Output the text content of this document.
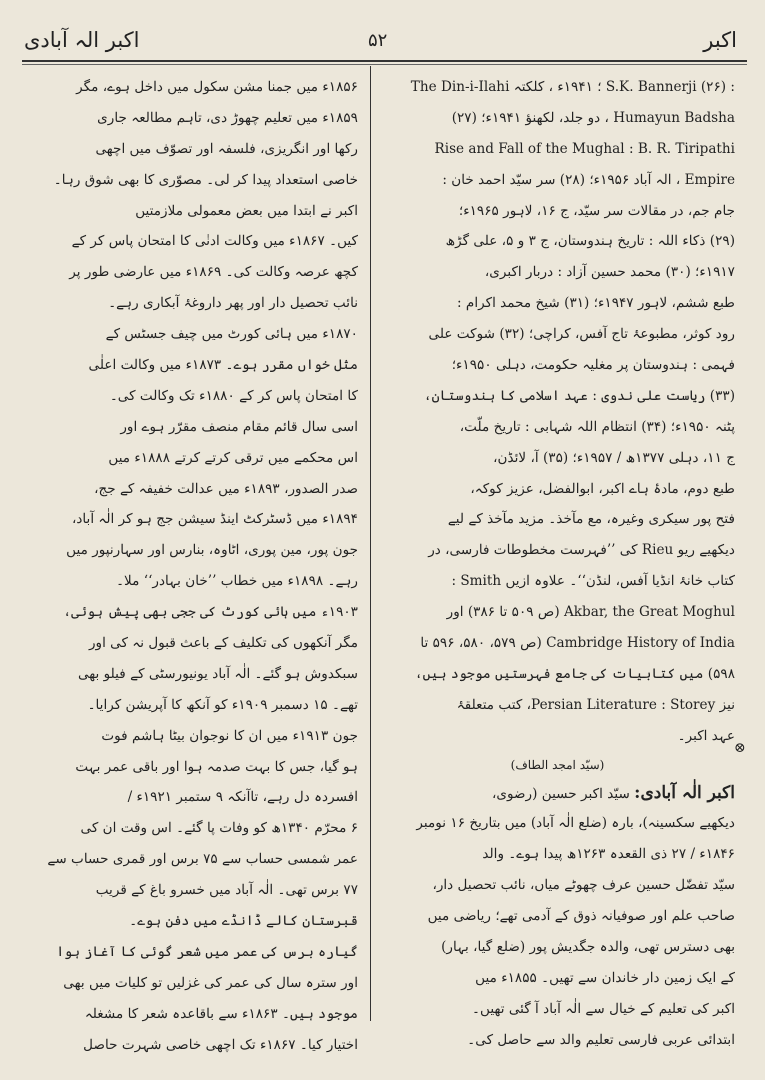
اکبر
۵۲
اکبر الہ آبادی
: S.K. Bannerji (۲۶) ؛ ۱۹۴۱ء ، کلکتہ The Din-i-Ilahi
Humayun Badsha ، دو جلد، لکھنؤ ۱۹۴۱ء؛ (۲۷)
Rise and Fall of the Mughal : B. R. Tiripathi
Empire ، الہ آباد ۱۹۵۶ء؛ (۲۸) سر سیّد احمد خان :
جام جم، در مقالات سر سیّد، ج ۱۶، لاہور ۱۹۶۵ء؛
(۲۹) ذکاء اللہ : تاریخ ہندوستان، ج ۳ و ۵، علی گڑھ
۱۹۱۷ء؛ (۳۰) محمد حسین آزاد : دربار اکبری،
طبع ششم، لاہور ۱۹۴۷ء؛ (۳۱) شیخ محمد اکرام :
رود کوثر، مطبوعۂ تاج آفس، کراچی؛ (۳۲) شوکت علی
فہمی : ہندوستان پر مغلیہ حکومت، دہلی ۱۹۵۰ء؛
(۳۳) ریاست علی ندوی : عہد اسلامی کا ہندوستان،
پٹنہ ۱۹۵۰ء؛ (۳۴) انتظام اللہ شہابی : تاریخ ملّت،
ج ۱۱، دہلی ۱۳۷۷ھ / ۱۹۵۷ء؛ (۳۵) آ، لائڈن،
طبع دوم، مادۂ ہاے اکبر، ابوالفضل، عزیز کوکہ،
فتح پور سیکری وغیرہ، مع مآخذ۔ مزید مآخذ کے لیے
دیکھیے ریو Rieu کی ’’فہرست مخطوطات فارسی، در
کتاب خانۂ انڈیا آفس، لنڈن‘‘۔ علاوہ ازیں Smith :
Akbar, the Great Moghul (ص ۵۰۹ تا ۳۸۶) اور
Cambridge History of India (ص ۵۷۹، ۵۸۰، ۵۹۶ تا
۵۹۸) میں کتابیات کی جامع فہرستیں موجود ہیں،
نیز Persian Literature : Storey، کتب متعلقۂ
عہد اکبر۔
(سیّد امجد الطاف)
اکبر الٰہ آبادی: سیّد اکبر حسین (رضوی،
دیکھیے سکسینہ)، بارہ (ضلع الٰہ آباد) میں بتاریخ ۱۶ نومبر
۱۸۴۶ء / ۲۷ ذی القعدہ ۱۲۶۳ھ پیدا ہوے۔ والد
سیّد تفضّل حسین عرف چھوٹے میاں، نائب تحصیل دار،
صاحب علم اور صوفیانہ ذوق کے آدمی تھے؛ ریاضی میں
بھی دسترس تھی، والدہ جگدیش پور (ضلع گیا، بہار)
کے ایک زمین دار خاندان سے تھیں۔ ۱۸۵۵ء میں
اکبر کی تعلیم کے خیال سے الٰہ آباد آ گئی تھیں۔
ابتدائی عربی فارسی تعلیم والد سے حاصل کی۔
۱۸۵۶ء میں جمنا مشن سکول میں داخل ہوے، مگر
۱۸۵۹ء میں تعلیم چھوڑ دی، تاہم مطالعہ جاری
رکھا اور انگریزی، فلسفہ اور تصوّف میں اچھی
خاصی استعداد پیدا کر لی۔ مصوّری کا بھی شوق رہا۔
اکبر نے ابتدا میں بعض معمولی ملازمتیں
کیں۔ ۱۸۶۷ء میں وکالت ادنٰی کا امتحان پاس کر کے
کچھ عرصہ وکالت کی۔ ۱۸۶۹ء میں عارضی طور پر
نائب تحصیل دار اور پھر داروغۂ آبکاری رہے۔
۱۸۷۰ء میں ہائی کورٹ میں چیف جسٹس کے
مثل خواں مقرر ہوے۔ ۱۸۷۳ء میں وکالت اعلٰی
کا امتحان پاس کر کے ۱۸۸۰ء تک وکالت کی۔
اسی سال قائم مقام منصف مقرّر ہوے اور
اس محکمے میں ترقی کرتے کرتے ۱۸۸۸ء میں
صدر الصدور، ۱۸۹۳ء میں عدالت خفیفہ کے جج،
۱۸۹۴ء میں ڈسٹرکٹ اینڈ سیشن جج ہو کر الٰہ آباد،
جون پور، مین پوری، اٹاوہ، بنارس اور سہارنپور میں
رہے۔ ۱۸۹۸ء میں خطاب ’’خان بہادر‘‘ ملا۔
۱۹۰۳ء میں ہائی کورٹ کی ججی بھی پیش ہوئی،
مگر آنکھوں کی تکلیف کے باعث قبول نہ کی اور
سبکدوش ہو گئے۔ الٰہ آباد یونیورسٹی کے فیلو بھی
تھے۔ ۱۵ دسمبر ۱۹۰۹ء کو آنکھ کا آپریشن کرایا۔
جون ۱۹۱۳ء میں ان کا نوجوان بیٹا ہاشم فوت
ہو گیا، جس کا بہت صدمہ ہوا اور باقی عمر بہت
افسردہ دل رہے، تاآنکہ ۹ ستمبر ۱۹۲۱ء /
۶ محرّم ۱۳۴۰ھ کو وفات پا گئے۔ اس وقت ان کی
عمر شمسی حساب سے ۷۵ برس اور قمری حساب سے
۷۷ برس تھی۔ الٰہ آباد میں خسرو باغ کے قریب
قبرستان کالے ڈانڈے میں دفن ہوے۔
گیارہ برس کی عمر میں شعر گوئی کا آغاز ہوا
اور سترہ سال کی عمر کی غزلیں تو کلیات میں بھی
موجود ہیں۔ ۱۸۶۳ء سے باقاعدہ شعر کا مشغلہ
اختیار کیا۔ ۱۸۶۷ء تک اچھی خاصی شہرت حاصل
⊗
